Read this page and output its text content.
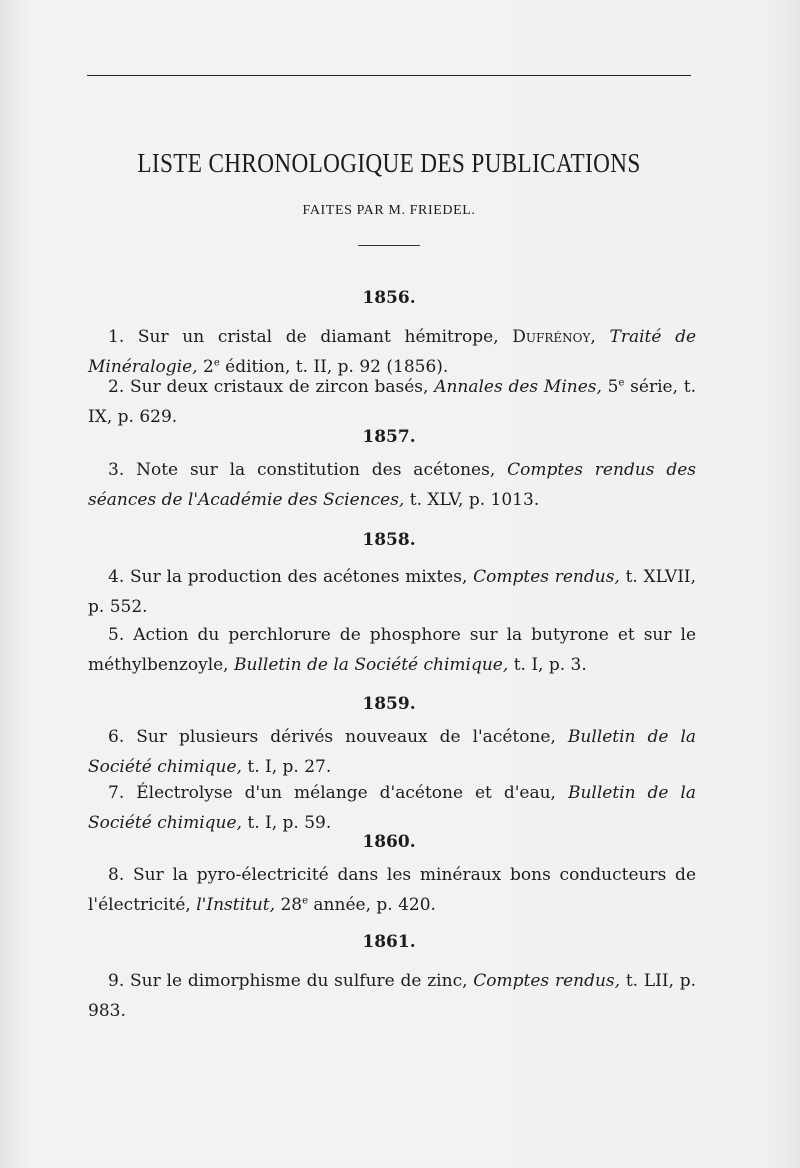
LISTE CHRONOLOGIQUE DES PUBLICATIONS
FAITES PAR M. FRIEDEL.
1856.
1. Sur un cristal de diamant hémitrope, Dufrénoy, Traité de Minéralogie, 2e édition, t. II, p. 92 (1856).
2. Sur deux cristaux de zircon basés, Annales des Mines, 5e série, t. IX, p. 629.
1857.
3. Note sur la constitution des acétones, Comptes rendus des séances de l'Académie des Sciences, t. XLV, p. 1013.
1858.
4. Sur la production des acétones mixtes, Comptes rendus, t. XLVII, p. 552.
5. Action du perchlorure de phosphore sur la butyrone et sur le méthylbenzoyle, Bulletin de la Société chimique, t. I, p. 3.
1859.
6. Sur plusieurs dérivés nouveaux de l'acétone, Bulletin de la Société chimique, t. I, p. 27.
7. Électrolyse d'un mélange d'acétone et d'eau, Bulletin de la Société chimique, t. I, p. 59.
1860.
8. Sur la pyro-électricité dans les minéraux bons conducteurs de l'électricité, l'Institut, 28e année, p. 420.
1861.
9. Sur le dimorphisme du sulfure de zinc, Comptes rendus, t. LII, p. 983.
